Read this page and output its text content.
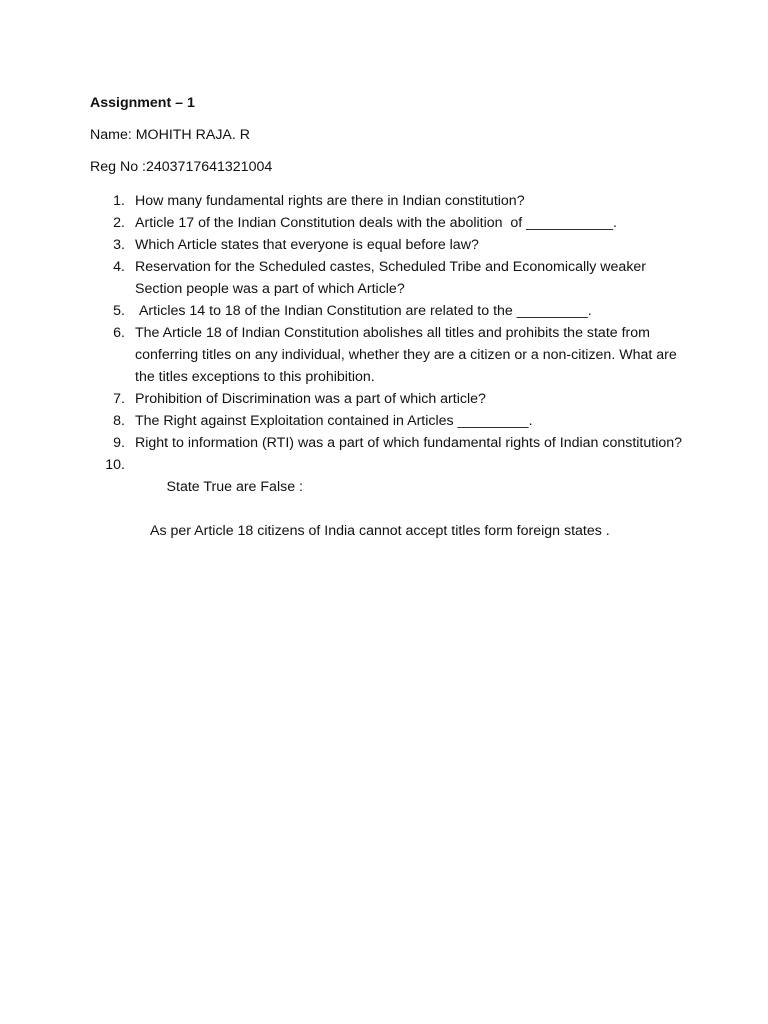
Assignment – 1
Name: MOHITH RAJA. R
Reg No :2403717641321004
1. How many fundamental rights are there in Indian constitution?
2. Article 17 of the Indian Constitution deals with the abolition  of ___________.
3. Which Article states that everyone is equal before law?
4. Reservation for the Scheduled castes, Scheduled Tribe and Economically weaker Section people was a part of which Article?
5. Articles 14 to 18 of the Indian Constitution are related to the _________.
6. The Article 18 of Indian Constitution abolishes all titles and prohibits the state from conferring titles on any individual, whether they are a citizen or a non-citizen. What are the titles exceptions to this prohibition.
7. Prohibition of Discrimination was a part of which article?
8. The Right against Exploitation contained in Articles _________.
9. Right to information (RTI) was a part of which fundamental rights of Indian constitution?
10.

State True are False :

As per Article 18 citizens of India cannot accept titles form foreign states .
